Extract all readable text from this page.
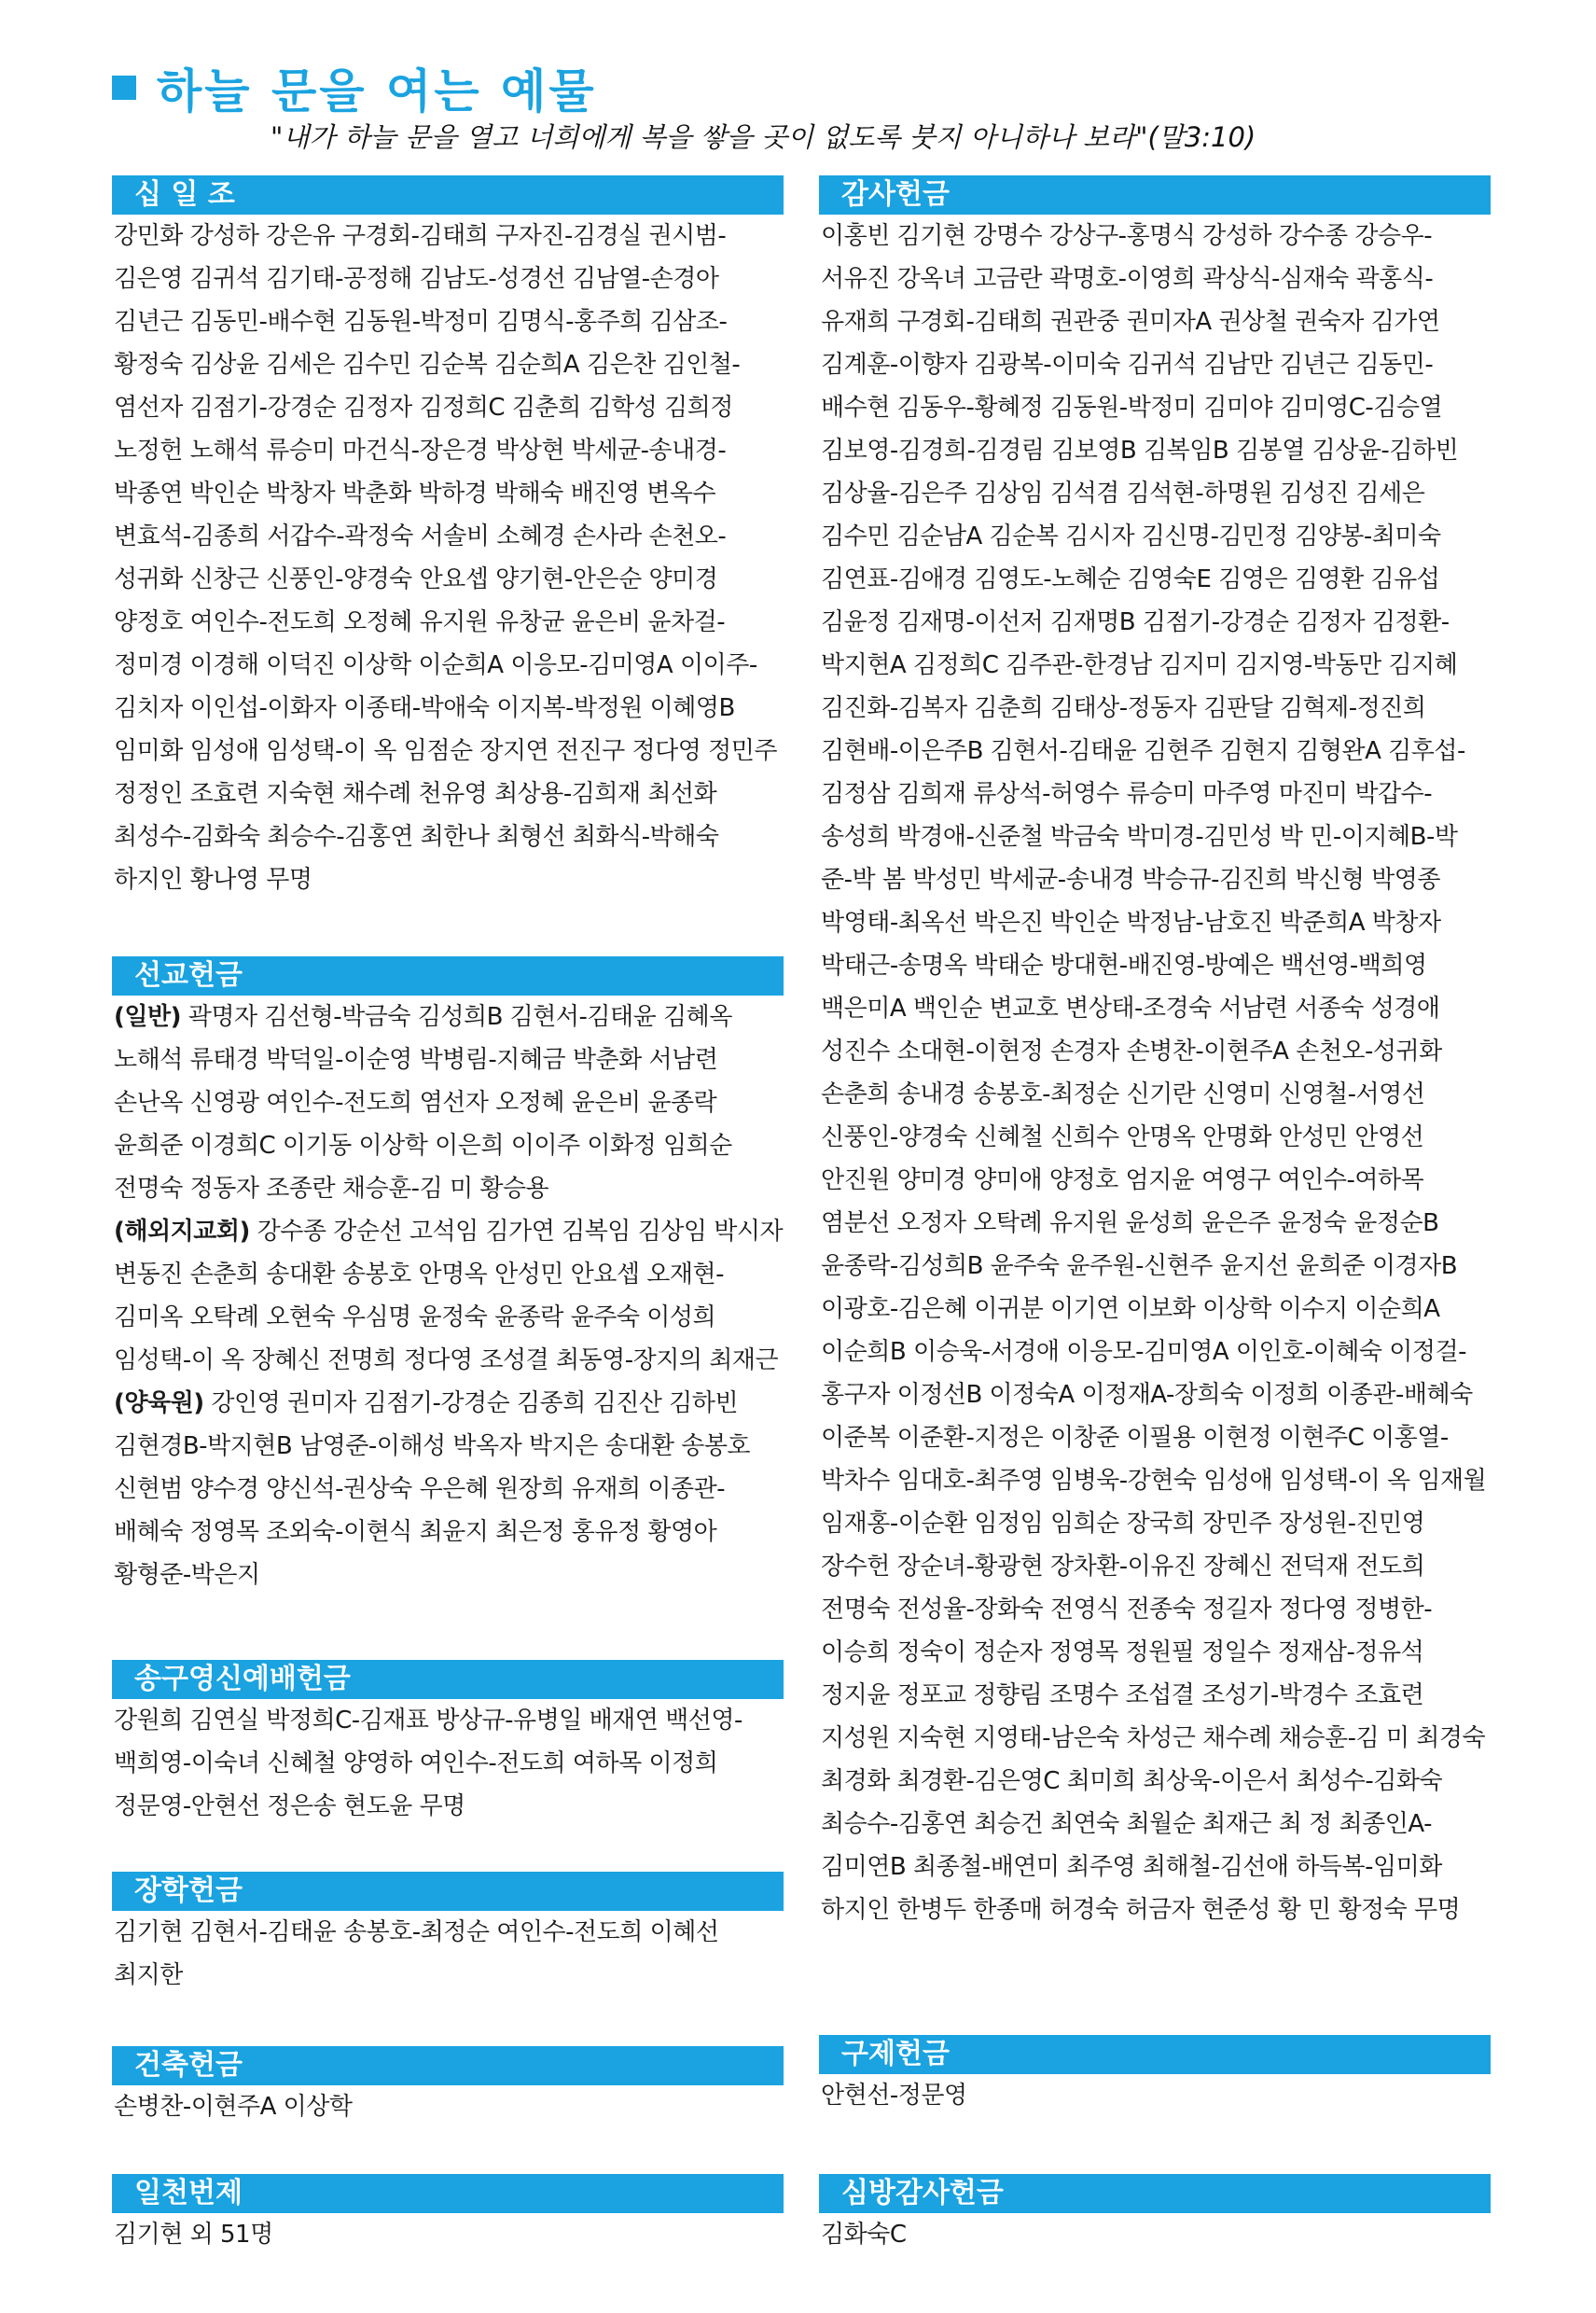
하늘 문을 여는 예물
"내가 하늘 문을 열고 너희에게 복을 쌓을 곳이 없도록 붓지 아니하나 보라"(말3:10)
십 일 조

강민화 강성하 강은유 구경회-김태희 구자진-김경실 권시범-김은영 김귀석 김기태-공정해 김남도-성경선 김남열-손경아 김년근 김동민-배수현 김동원-박정미 김명식-홍주희 김삼조-황정숙 김상윤 김세은 김수민 김순복 김순희A 김은찬 김인철-염선자 김점기-강경순 김정자 김정희C 김춘희 김학성 김희정 노정헌 노해석 류승미 마건식-장은경 박상현 박세균-송내경-박종연 박인순 박창자 박춘화 박하경 박해숙 배진영 변옥수 변효석-김종희 서갑수-곽정숙 서솔비 소혜경 손사라 손천오-성귀화 신창근 신풍인-양경숙 안요셉 양기현-안은순 양미경 양정호 여인수-전도희 오정혜 유지원 유창균 윤은비 윤차걸-정미경 이경해 이덕진 이상학 이순희A 이응모-김미영A 이이주-김치자 이인섭-이화자 이종태-박애숙 이지복-박정원 이혜영B 임미화 임성애 임성택-이 옥 임점순 장지연 전진구 정다영 정민주 정정인 조효련 지숙현 채수례 천유영 최상용-김희재 최선화 최성수-김화숙 최승수-김홍연 최한나 최형선 최화식-박해숙 하지인 황나영 무명

선교헌금

(일반) 곽명자 김선형-박금숙 김성희B 김현서-김태윤 김혜옥 노해석 류태경 박덕일-이순영 박병림-지혜금 박춘화 서남련 손난옥 신영광 여인수-전도희 염선자 오정혜 윤은비 윤종락 윤희준 이경희C 이기동 이상학 이은희 이이주 이화정 임희순 전명숙 정동자 조종란 채승훈-김 미 황승용

(해외지교회) 강수종 강순선 고석임 김가연 김복임 김상임 박시자 변동진 손춘희 송대환 송봉호 안명옥 안성민 안요셉 오재현-김미옥 오탁례 오현숙 우심명 윤정숙 윤종락 윤주숙 이성희 임성택-이 옥 장혜신 전명희 정다영 조성결 최동영-장지의 최재근

(양육원) 강인영 권미자 김점기-강경순 김종희 김진산 김하빈 김현경B-박지현B 남영준-이해성 박옥자 박지은 송대환 송봉호 신현범 양수경 양신석-권상숙 우은혜 원장희 유재희 이종관-배혜숙 정영목 조외숙-이현식 최윤지 최은정 홍유정 황영아 황형준-박은지

송구영신예배헌금

강원희 김연실 박정희C-김재표 방상규-유병일 배재연 백선영-백희영-이숙녀 신혜철 양영하 여인수-전도희 여하목 이정희 정문영-안현선 정은송 현도윤 무명

장학헌금

김기현 김현서-김태윤 송봉호-최정순 여인수-전도희 이혜선 최지한

건축헌금

손병찬-이현주A 이상학

일천번제

김기현 외 51명

감사헌금

이홍빈 김기현 강명수 강상구-홍명식 강성하 강수종 강승우-서유진 강옥녀 고금란 곽명호-이영희 곽상식-심재숙 곽홍식-유재희 구경회-김태희 권관중 권미자A 권상철 권숙자 김가연 김계훈-이향자 김광복-이미숙 김귀석 김남만 김년근 김동민-배수현 김동우-황혜정 김동원-박정미 김미야 김미영C-김승열 김보영-김경희-김경림 김보영B 김복임B 김봉열 김상윤-김하빈 김상율-김은주 김상임 김석겸 김석현-하명원 김성진 김세은 김수민 김순남A 김순복 김시자 김신명-김민정 김양봉-최미숙 김연표-김애경 김영도-노혜순 김영숙E 김영은 김영환 김유섭 김윤정 김재명-이선저 김재명B 김점기-강경순 김정자 김정환-박지현A 김정희C 김주관-한경남 김지미 김지영-박동만 김지혜 김진화-김복자 김춘희 김태상-정동자 김판달 김혁제-정진희 김현배-이은주B 김현서-김태윤 김현주 김현지 김형완A 김후섭-김정삼 김희재 류상석-허영수 류승미 마주영 마진미 박갑수-송성희 박경애-신준철 박금숙 박미경-김민성 박 민-이지혜B-박 준-박 봄 박성민 박세균-송내경 박승규-김진희 박신형 박영종 박영태-최옥선 박은진 박인순 박정남-남호진 박준희A 박창자 박태근-송명옥 박태순 방대현-배진영-방예은 백선영-백희영 백은미A 백인순 변교호 변상태-조경숙 서남련 서종숙 성경애 성진수 소대현-이현정 손경자 손병찬-이현주A 손천오-성귀화 손춘희 송내경 송봉호-최정순 신기란 신영미 신영철-서영선 신풍인-양경숙 신혜철 신희수 안명옥 안명화 안성민 안영선 안진원 양미경 양미애 양정호 엄지윤 여영구 여인수-여하목 염분선 오정자 오탁례 유지원 윤성희 윤은주 윤정숙 윤정순B 윤종락-김성희B 윤주숙 윤주원-신현주 윤지선 윤희준 이경자B 이광호-김은혜 이귀분 이기연 이보화 이상학 이수지 이순희A 이순희B 이승욱-서경애 이응모-김미영A 이인호-이혜숙 이정걸-홍구자 이정선B 이정숙A 이정재A-장희숙 이정희 이종관-배혜숙 이준복 이준환-지정은 이창준 이필용 이현정 이현주C 이홍열-박차수 임대호-최주영 임병욱-강현숙 임성애 임성택-이 옥 임재월 임재홍-이순환 임정임 임희순 장국희 장민주 장성원-진민영 장수헌 장순녀-황광현 장차환-이유진 장혜신 전덕재 전도희 전명숙 전성율-장화숙 전영식 전종숙 정길자 정다영 정병한-이승희 정숙이 정순자 정영목 정원필 정일수 정재삼-정유석 정지윤 정포교 정향림 조명수 조섭결 조성기-박경수 조효련 지성원 지숙현 지영태-남은숙 차성근 채수례 채승훈-김 미 최경숙 최경화 최경환-김은영C 최미희 최상욱-이은서 최성수-김화숙 최승수-김홍연 최승건 최연숙 최월순 최재근 최 정 최종인A-김미연B 최종철-배연미 최주영 최해철-김선애 하득복-임미화 하지인 한병두 한종매 허경숙 허금자 현준성 황 민 황정숙 무명

구제헌금

안현선-정문영

심방감사헌금

김화숙C
